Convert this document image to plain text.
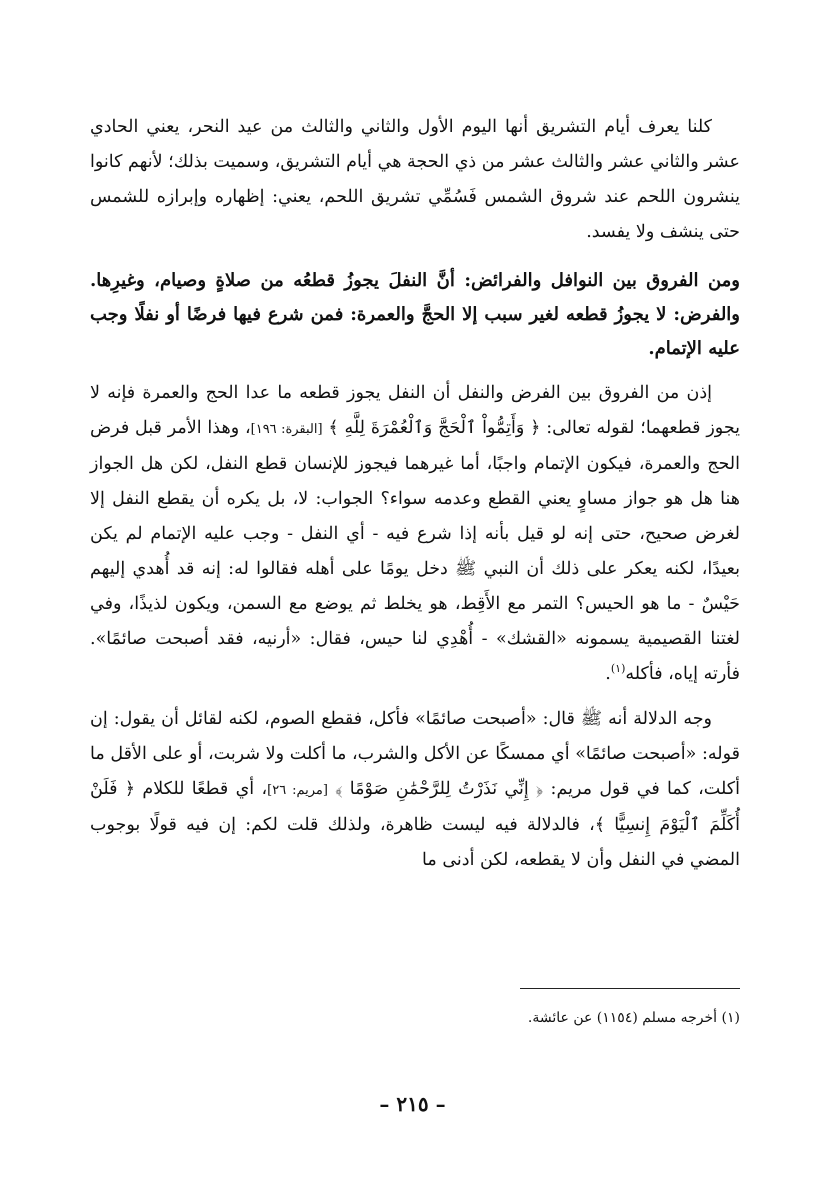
كلنا يعرف أيام التشريق أنها اليوم الأول والثاني والثالث من عيد النحر، يعني الحادي عشر والثاني عشر والثالث عشر من ذي الحجة هي أيام التشريق، وسميت بذلك؛ لأنهم كانوا ينشرون اللحم عند شروق الشمس فَسُمِّي تشريق اللحم، يعني: إظهاره وإبرازه للشمس حتى ينشف ولا يفسد.

ومن الفروق بين النوافل والفرائض: أنَّ النفلَ يجوزُ قطعُه من صلاةٍ وصيام، وغيرِها. والفرض: لا يجوزُ قطعه لغير سبب إلا الحجَّ والعمرة: فمن شرع فيها فرضًا أو نفلًا وجب عليه الإتمام.

إذن من الفروق بين الفرض والنفل أن النفل يجوز قطعه ما عدا الحج والعمرة فإنه لا يجوز قطعهما؛ لقوله تعالى: ﴿ وَأَتِمُّواْ ٱلْحَجَّ وَٱلْعُمْرَةَ لِلَّهِ ﴾ [البقرة: ١٩٦]، وهذا الأمر قبل فرض الحج والعمرة، فيكون الإتمام واجبًا، أما غيرهما فيجوز للإنسان قطع النفل، لكن هل الجواز هنا هل هو جواز مساوٍ يعني القطع وعدمه سواء؟ الجواب: لا، بل يكره أن يقطع النفل إلا لغرض صحيح، حتى إنه لو قيل بأنه إذا شرع فيه - أي النفل - وجب عليه الإتمام لم يكن بعيدًا، لكنه يعكر على ذلك أن النبي ﷺ دخل يومًا على أهله فقالوا له: إنه قد أُهدي إليهم حَيْسٌ - ما هو الحيس؟ التمر مع الأَقِط، هو يخلط ثم يوضع مع السمن، ويكون لذيذًا، وفي لغتنا القصيمية يسمونه «القشك» - أُهْدِي لنا حيس، فقال: «أرنيه، فقد أصبحت صائمًا». فأرته إياه، فأكله$^{(١)}$.

وجه الدلالة أنه ﷺ قال: «أصبحت صائمًا» فأكل، فقطع الصوم، لكنه لقائل أن يقول: إن قوله: «أصبحت صائمًا» أي ممسكًا عن الأكل والشرب، ما أكلت ولا شربت، أو على الأقل ما أكلت، كما في قول مريم: ﴿ إِنِّي نَذَرْتُ لِلرَّحْمَٰنِ صَوْمًا ﴾ [مريم: ٢٦]، أي قطعًا للكلام ﴿ فَلَنْ أُكَلِّمَ ٱلْيَوْمَ إِنسِيًّا ﴾، فالدلالة فيه ليست ظاهرة، ولذلك قلت لكم: إن فيه قولًا بوجوب المضي في النفل وأن لا يقطعه، لكن أدنى ما

(١) أخرجه مسلم (١١٥٤) عن عائشة.
– ٢١٥ –
